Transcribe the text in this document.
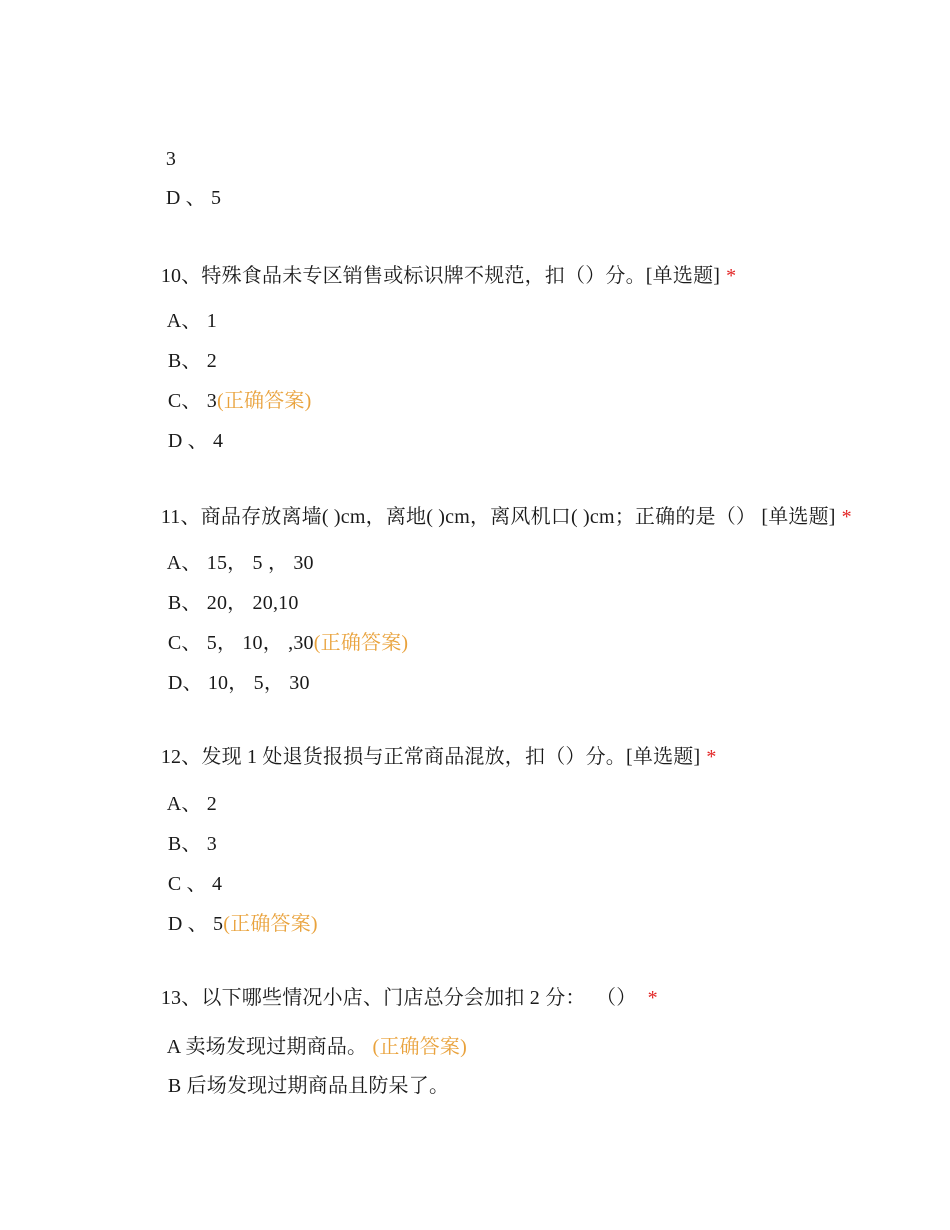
3

D 、 5

10、特殊食品未专区销售或标识牌不规范，扣（）分。[单选题] *

A、 1

B、 2

C、 3(正确答案)

D 、 4

11、商品存放离墙( )cm，离地( )cm，离风机口( )cm；正确的是（） [单选题] *

A、 15， 5 ， 30

B、 20， 20,10

C、 5， 10， ,30(正确答案)

D、 10， 5， 30

12、发现 1 处退货报损与正常商品混放，扣（）分。[单选题] *

A、 2

B、 3

C 、 4

D 、 5(正确答案)

13、以下哪些情况小店、门店总分会加扣 2 分：  （） *

A 卖场发现过期商品。 (正确答案)

B 后场发现过期商品且防呆了。
